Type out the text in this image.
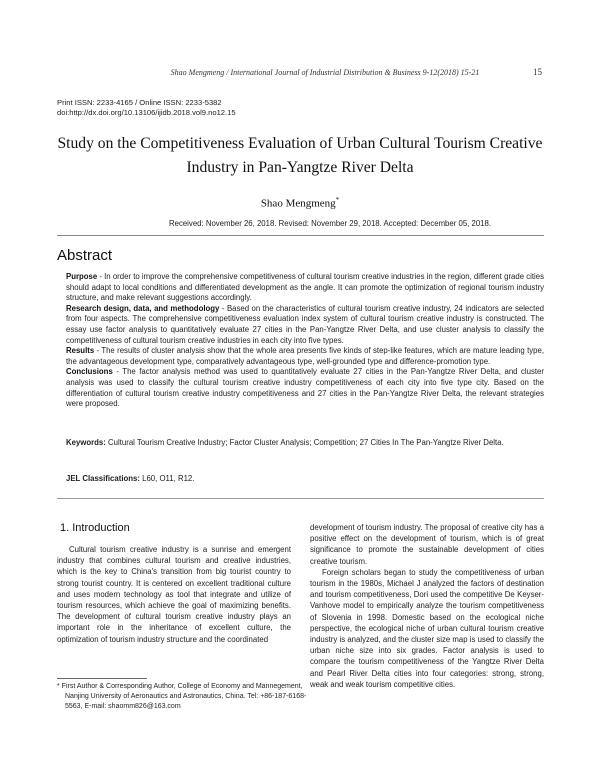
Shao Mengmeng / International Journal of Industrial Distribution & Business 9-12(2018) 15-21	15
Print ISSN: 2233-4165 / Online ISSN: 2233-5382
doi:http://dx.doi.org/10.13106/ijidb.2018.vol9.no12.15
Study on the Competitiveness Evaluation of Urban Cultural Tourism Creative
Industry in Pan-Yangtze River Delta
Shao Mengmeng*
Received: November 26, 2018. Revised: November 29, 2018. Accepted: December 05, 2018.
Abstract

Purpose - In order to improve the comprehensive competitiveness of cultural tourism creative industries in the region, different grade cities should adapt to local conditions and differentiated development as the angle. It can promote the optimization of regional tourism industry structure, and make relevant suggestions accordingly.

Research design, data, and methodology - Based on the characteristics of cultural tourism creative industry, 24 indicators are selected from four aspects. The comprehensive competitiveness evaluation index system of cultural tourism creative industry is constructed. The essay use factor analysis to quantitatively evaluate 27 cities in the Pan-Yangtze River Delta, and use cluster analysis to classify the competitiveness of cultural tourism creative industries in each city into five types.

Results - The results of cluster analysis show that the whole area presents five kinds of step-like features, which are mature leading type, the advantageous development type, comparatively advantageous type, well-grounded type and difference-promotion type.

Conclusions - The factor analysis method was used to quantitatively evaluate 27 cities in the Pan-Yangtze River Delta, and cluster analysis was used to classify the cultural tourism creative industry competitiveness of each city into five type city. Based on the differentiation of cultural tourism creative industry competitiveness and 27 cities in the Pan-Yangtze River Delta, the relevant strategies were proposed.

Keywords: Cultural Tourism Creative Industry; Factor Cluster Analysis; Competition; 27 Cities In The Pan-Yangtze River Delta.
JEL Classifications: L60, O11, R12.
1. Introduction

Cultural tourism creative industry is a sunrise and emergent industry that combines cultural tourism and creative industries, which is the key to China's transition from big tourist country to strong tourist country. It is centered on excellent traditional culture and uses modern technology as tool that integrate and utilize of tourism resources, which achieve the goal of maximizing benefits. The development of cultural tourism creative industry plays an important role in the inheritance of excellent culture, the optimization of tourism industry structure and the coordinated

development of tourism industry. The proposal of creative city has a positive effect on the development of tourism, which is of great significance to promote the sustainable development of cities creative tourism.

Foreign scholars began to study the competitiveness of urban tourism in the 1980s, Michael J analyzed the factors of destination and tourism competitiveness, Dori used the competitive De Keyser-Vanhove model to empirically analyze the tourism competitiveness of Slovenia in 1998. Domestic based on the ecological niche perspective, the ecological niche of urban cultural tourism creative industry is analyzed, and the cluster size map is used to classify the urban niche size into six grades. Factor analysis is used to compare the tourism competitiveness of the Yangtze River Delta and Pearl River Delta cities into four categories: strong, strong, weak and weak tourism competitive cities.

* First Author & Corresponding Author, College of Economy and Mannegement, Nanjing University of Aeronautics and Astronautics, China. Tel: +86-187-6168-5563, E-mail: shaomm826@163.com
